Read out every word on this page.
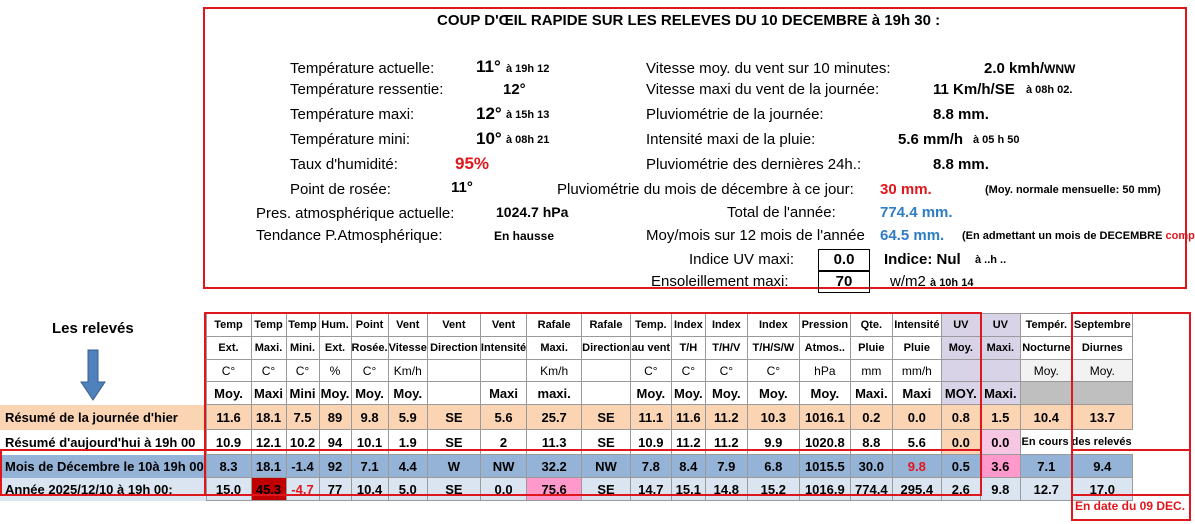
COUP D'ŒIL RAPIDE SUR LES RELEVES DU 10 DECEMBRE à 19h 30 :
Température actuelle: 11° à 19h 12
Température ressentie:	12°
Température maxi:	12° à 15h 13
Température mini:	10° à 08h 21
Taux d'humidité:	95%
Point de rosée:	11°
Pres. atmosphérique actuelle:	1024.7 hPa
Tendance P.Atmosphérique:	En hausse
Vitesse moy. du vent sur 10 minutes:	2.0 kmh/WNW
Vitesse maxi du vent de la journée:	11 Km/h/SE à 08h 02.
Pluviométrie de la journée:	8.8 mm.
Intensité maxi de la pluie:	5.6 mm/h à 05 h 50
Pluviométrie des dernières 24h.:	8.8 mm.
Pluviométrie du mois de décembre à ce jour: 30 mm.	(Moy. normale mensuelle: 50 mm)
Total de l'année:	774.4 mm.
Moy/mois sur 12 mois de l'année	64.5 mm. (En admettant un mois de DECEMBRE comp
Indice UV maxi:	0.0	Indice: Nul à ..h ..
Ensoleillement maxi:	70	w/m2 à 10h 14
Les relevés
		Temp	Temp	Temp	Hum.	Point	Vent	Vent	Vent	Rafale	Rafale	Temp.	Index	Index	Index	Pression	Qte.	Intensité	UV	UV	Tempér.	Septembre
	Ext.	Maxi.	Mini.	Ext.	Rosée.	Vitesse	Direction	Intensité	Maxi.	Direction	au vent	T/H	T/H/V	T/H/S/W	Atmos..	Pluie	Pluie	Moy.	Maxi.	Nocturne	Diurnes
	C°	C°	C°	%	C°	Km/h			Km/h		C°	C°	C°	C°	hPa	mm	mm/h			Moy.	Moy.
	Moy.	Maxi	Mini	Moy.	Moy.	Moy.		Maxi	maxi.		Moy.	Moy.	Moy.	Moy.	Moy.	Maxi.	Maxi	MOY.	Maxi.		
Résumé de la journée d'hier	11.6	18.1	7.5	89	9.8	5.9	SE	5.6	25.7	SE	11.1	11.6	11.2	10.3	1016.1	0.2	0.0	0.8	1.5	10.4	13.7
Résumé d'aujourd'hui à 19h 00	10.9	12.1	10.2	94	10.1	1.9	SE	2	11.3	SE	10.9	11.2	11.2	9.9	1020.8	8.8	5.6	0.0	0.0	En cours des relevés	
Mois de Décembre le 10à 19h 00	8.3	18.1	-1.4	92	7.1	4.4	W	NW	32.2	NW	7.8	8.4	7.9	6.8	1015.5	30.0	9.8	0.5	3.6	7.1	9.4
Année 2025/12/10 à 19h 00:	15.0	45.3	-4.7	77	10.4	5.0	SE	0.0	75.6	SE	14.7	15.1	14.8	15.2	1016.9	774.4	295.4	2.6	9.8	12.7	17.0
En date du 09 DEC.
